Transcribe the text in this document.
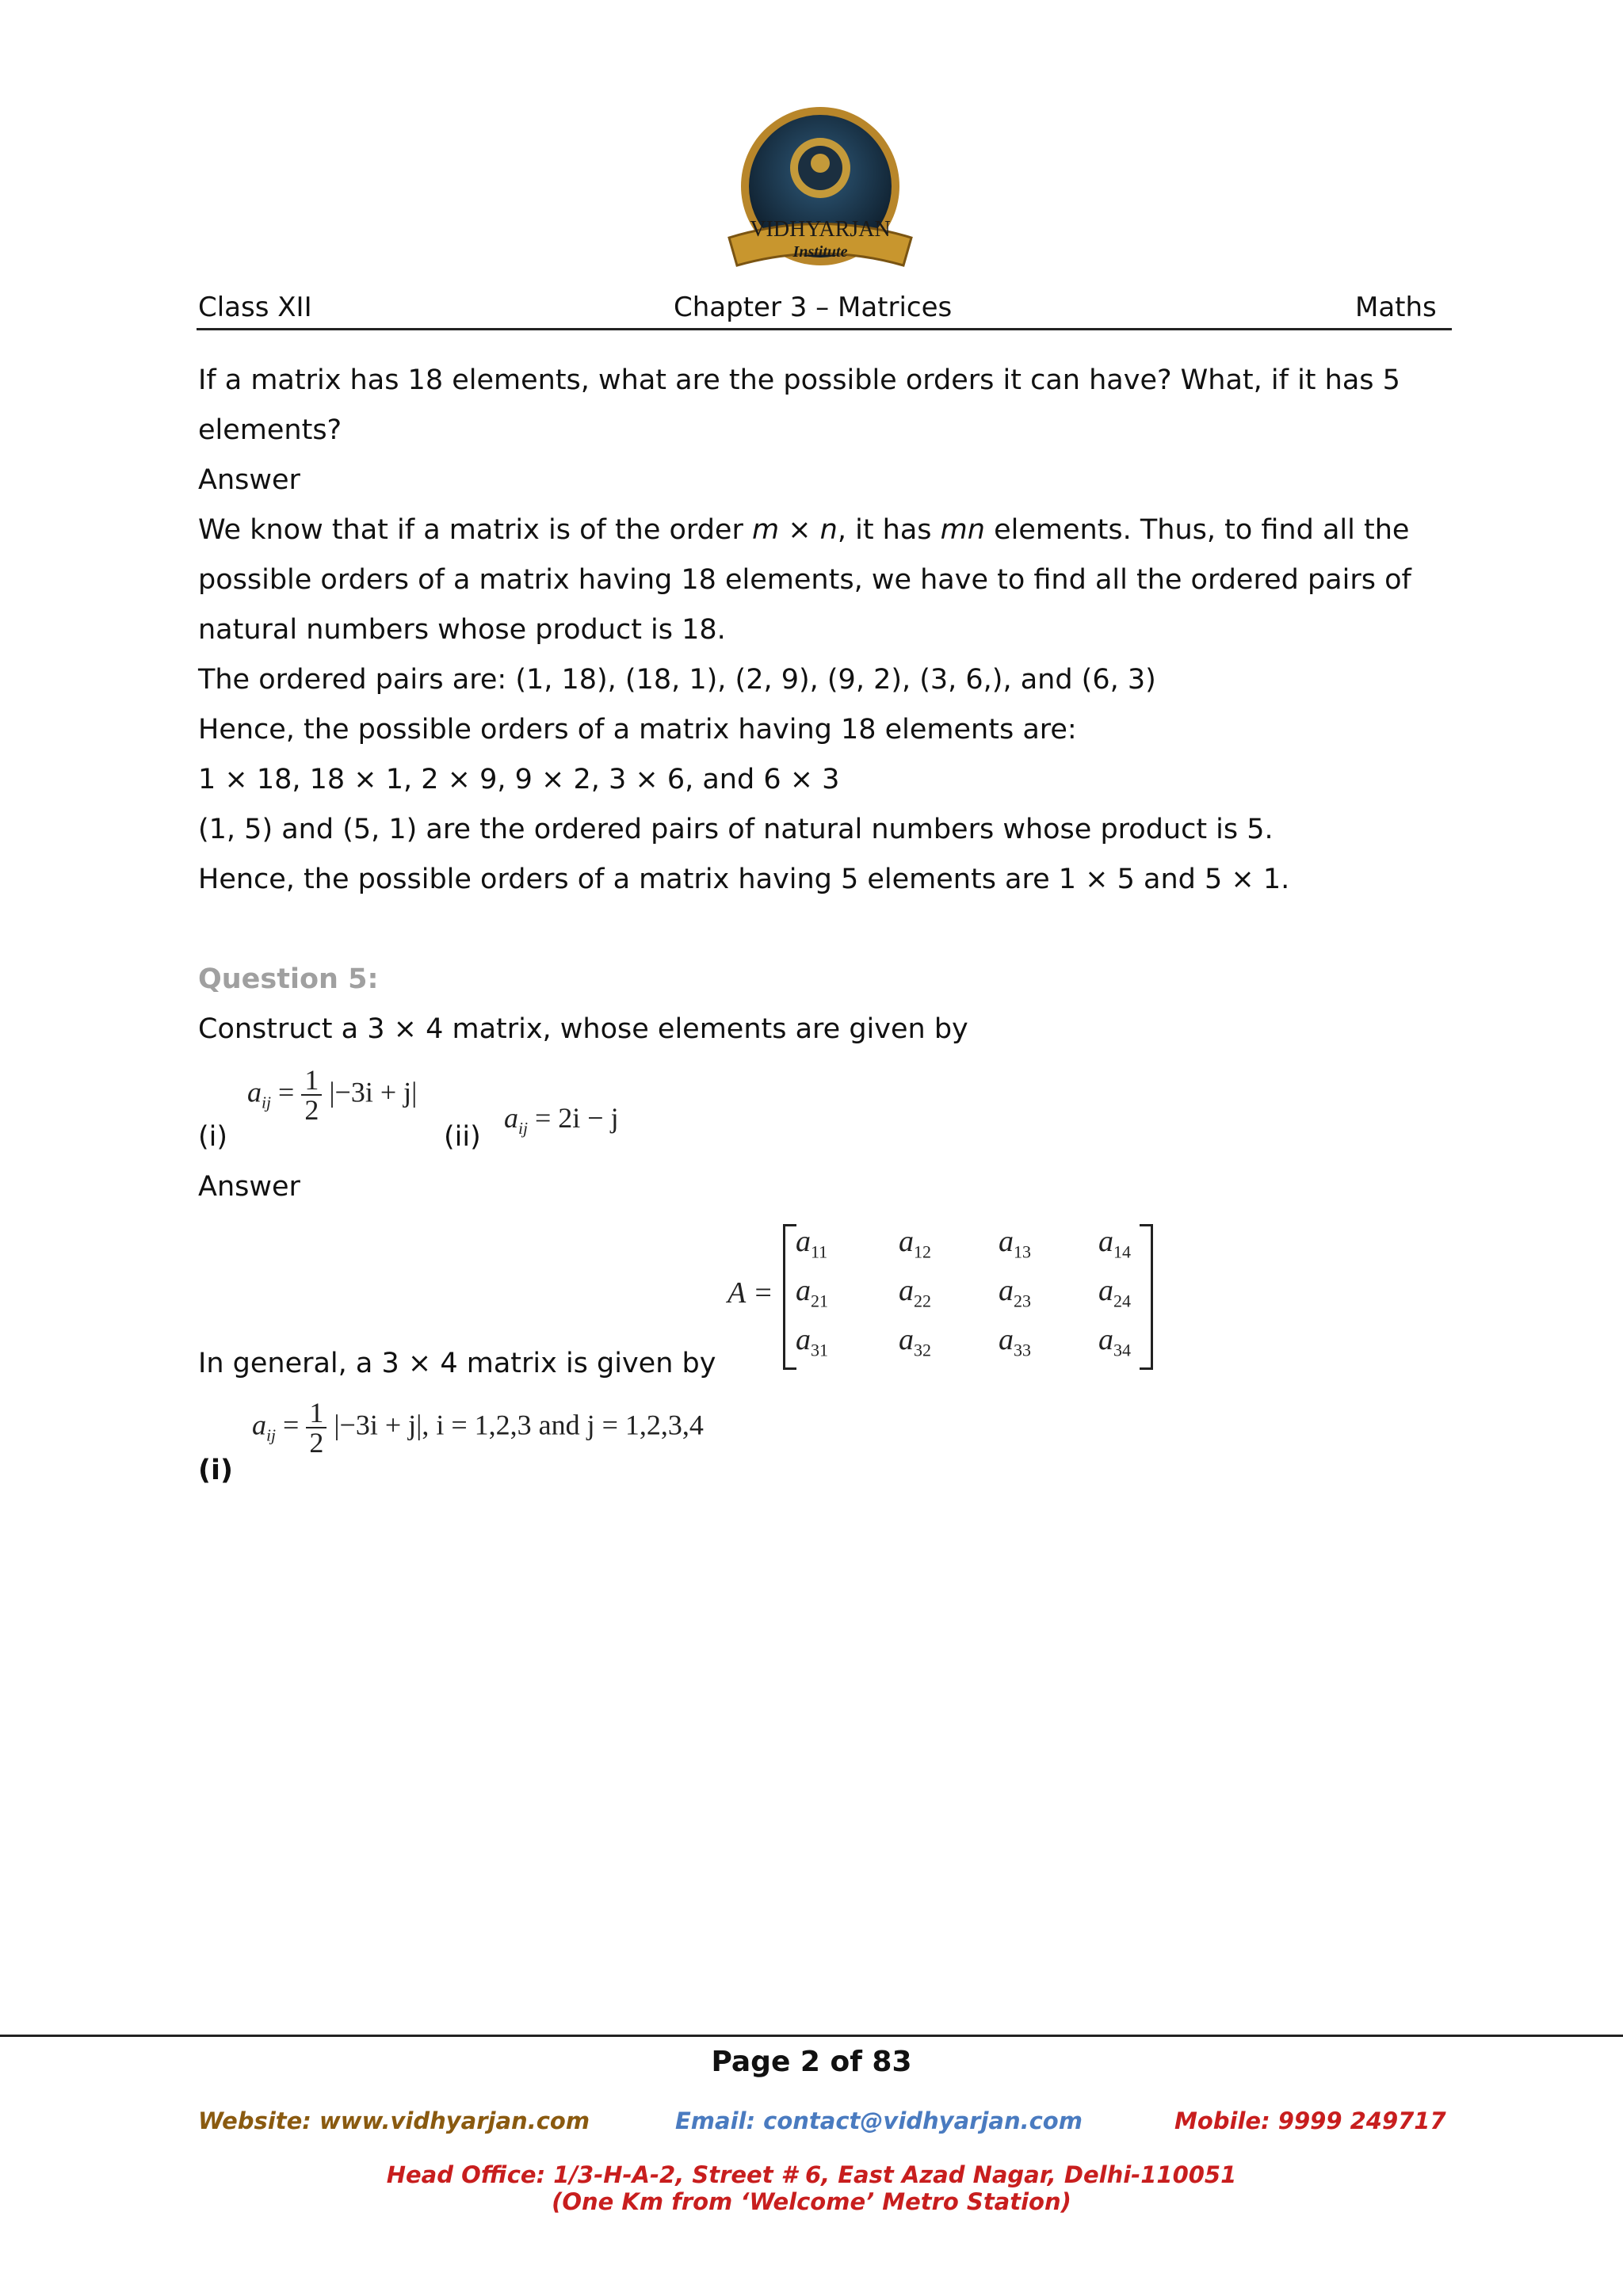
VIDHYARJAN
Institute
Class XII	Chapter 3 – Matrices	Maths
If a matrix has 18 elements, what are the possible orders it can have? What, if it has 5
elements?
Answer
We know that if a matrix is of the order m × n, it has mn elements. Thus, to find all the
possible orders of a matrix having 18 elements, we have to find all the ordered pairs of
natural numbers whose product is 18.
The ordered pairs are: (1, 18), (18, 1), (2, 9), (9, 2), (3, 6,), and (6, 3)
Hence, the possible orders of a matrix having 18 elements are:
1 × 18, 18 × 1, 2 × 9, 9 × 2, 3 × 6, and 6 × 3
(1, 5) and (5, 1) are the ordered pairs of natural numbers whose product is 5.
Hence, the possible orders of a matrix having 5 elements are 1 × 5 and 5 × 1.
Question 5:
Construct a 3 × 4 matrix, whose elements are given by
(i)
$a_{ij} = \frac{1}{2} |-3i + j|$
(ii)
$a_{ij} = 2i - j$
Answer
A =
$a_{11}$ $a_{12}$ $a_{13}$ $a_{14}$
$a_{21}$ $a_{22}$ $a_{23}$ $a_{24}$
$a_{31}$ $a_{32}$ $a_{33}$ $a_{34}$
In general, a 3 × 4 matrix is given by
(i)
$a_{ij} = \frac{1}{2} |-3i + j|$, i = 1,2,3 and j = 1,2,3,4
Page 2 of 83
Website: www.vidhyarjan.com	Email: contact@vidhyarjan.com	Mobile: 9999 249717
Head Office: 1/3-H-A-2, Street # 6, East Azad Nagar, Delhi-110051
(One Km from ‘Welcome’ Metro Station)
